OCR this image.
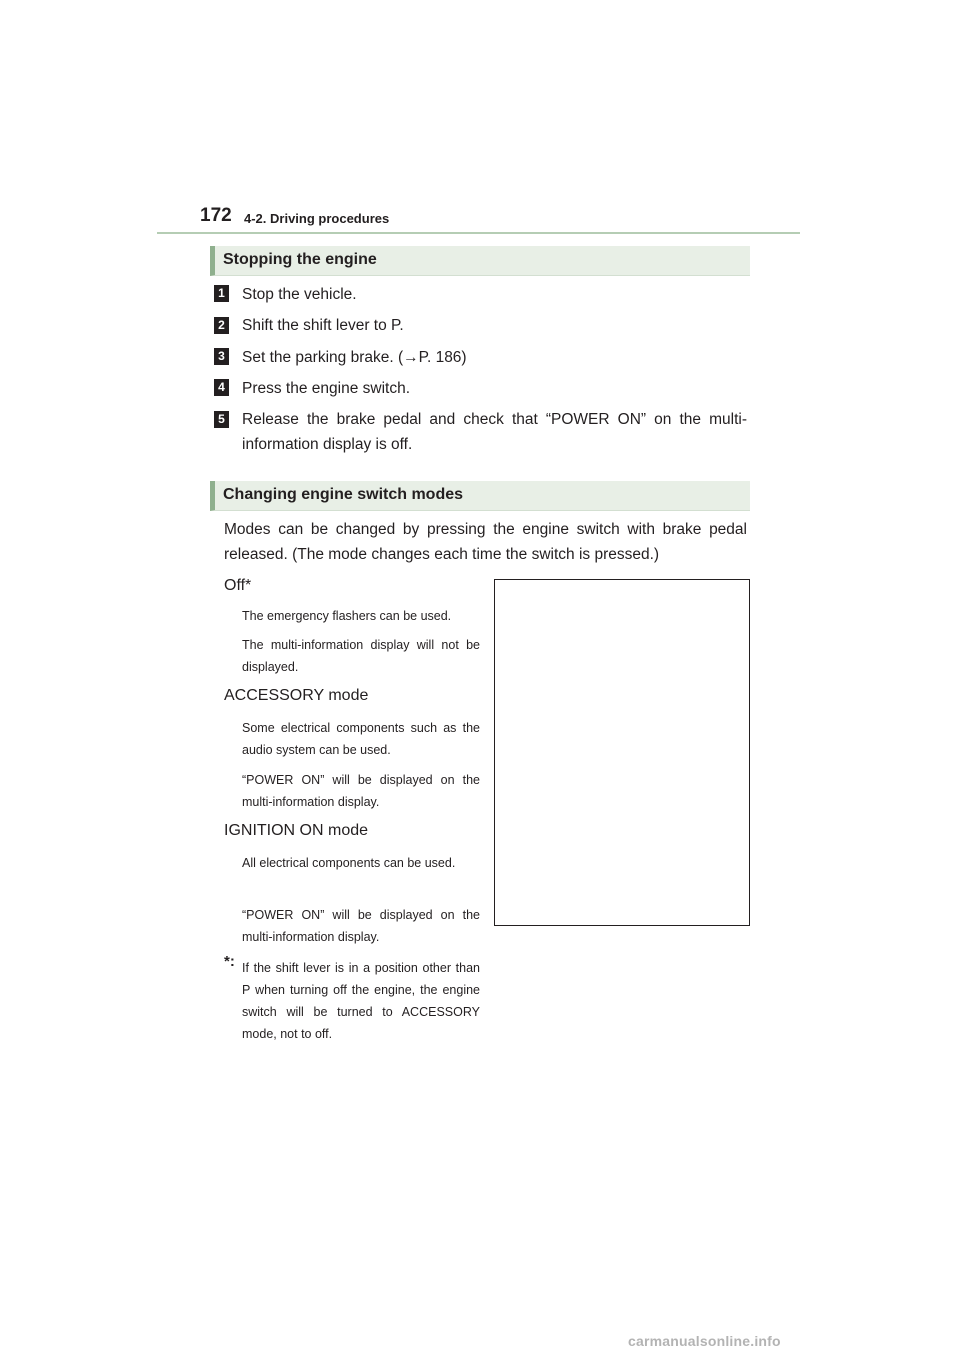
172 4-2. Driving procedures
Stopping the engine
1 Stop the vehicle.
2 Shift the shift lever to P.
3 Set the parking brake. (→P. 186)
4 Press the engine switch.
5 Release the brake pedal and check that “POWER ON” on the multi-information display is off.
Changing engine switch modes
Modes can be changed by pressing the engine switch with brake pedal released. (The mode changes each time the switch is pressed.)
Off*
The emergency flashers can be used.
The multi-information display will not be displayed.
ACCESSORY mode
Some electrical components such as the audio system can be used.
“POWER ON” will be displayed on the multi-information display.
IGNITION ON mode
All electrical components can be used.
“POWER ON” will be displayed on the multi-information display.
*: If the shift lever is in a position other than P when turning off the engine, the engine switch will be turned to ACCESSORY mode, not to off.
carmanualsonline.info
